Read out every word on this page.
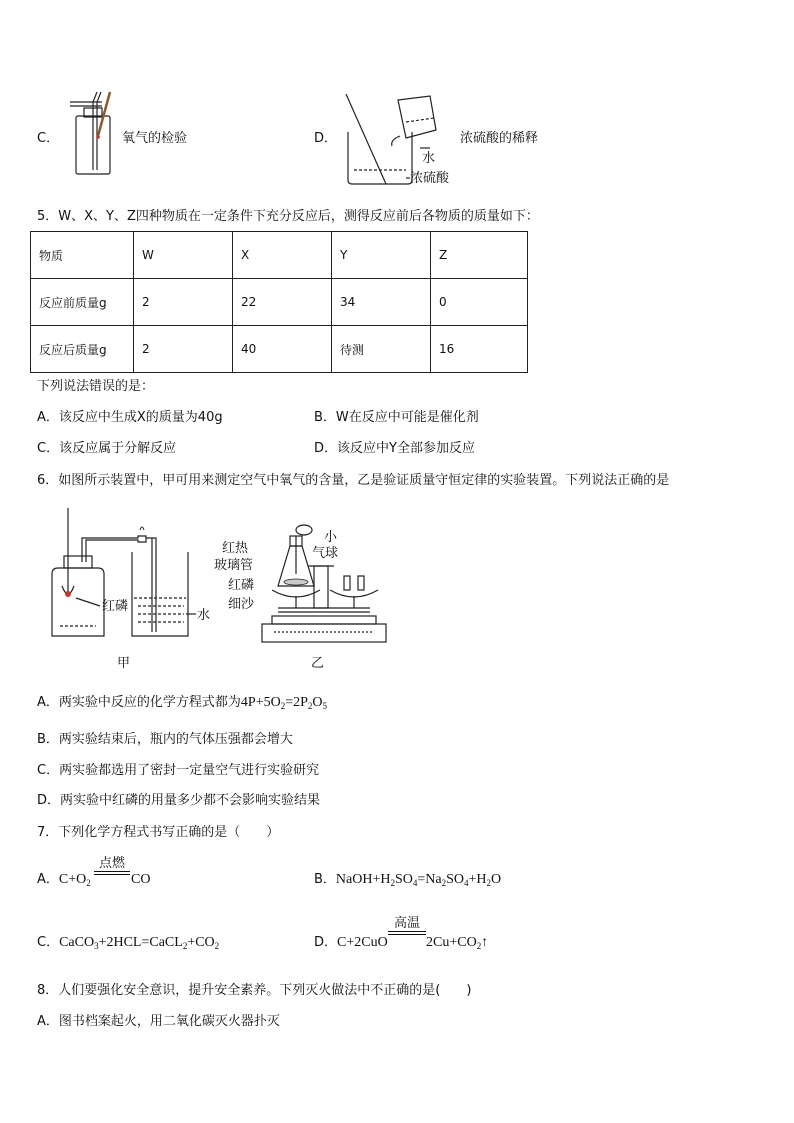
C．	氧气的检验	D．	浓硫酸的稀释
水
浓硫酸
5．W、X、Y、Z四种物质在一定条件下充分反应后，测得反应前后各物质的质量如下：
物质	W	X	Y	Z
反应前质量g	2	22	34	0
反应后质量g	2	40	待测	16
下列说法错误的是：
A．该反应中生成X的质量为40g	B．W在反应中可能是催化剂
C．该反应属于分解反应	D．该反应中Y全部参加反应
6．如图所示装置中，甲可用来测定空气中氧气的含量，乙是验证质量守恒定律的实验装置。下列说法正确的是
红磷
水
甲
小
气球
红热
玻璃管
红磷
细沙
乙
A．两实验中反应的化学方程式都为$4P+5O_2=2P_2O_5$
B．两实验结束后，瓶内的气体压强都会增大
C．两实验都选用了密封一定量空气进行实验研究
D．两实验中红磷的用量多少都不会影响实验结果
7．下列化学方程式书写正确的是（　　）
A．$C+O_2$
点燃
CO	B．$NaOH+H_2SO_4=Na_2SO_4+H_2O$
C．$CaCO_3+2HCL=CaCL_2+CO_2$	D．C+2CuO
高温
$2Cu+CO_2↑$
8．人们要强化安全意识，提升安全素养。下列灭火做法中不正确的是(　　)
A．图书档案起火，用二氧化碳灭火器扑灭
